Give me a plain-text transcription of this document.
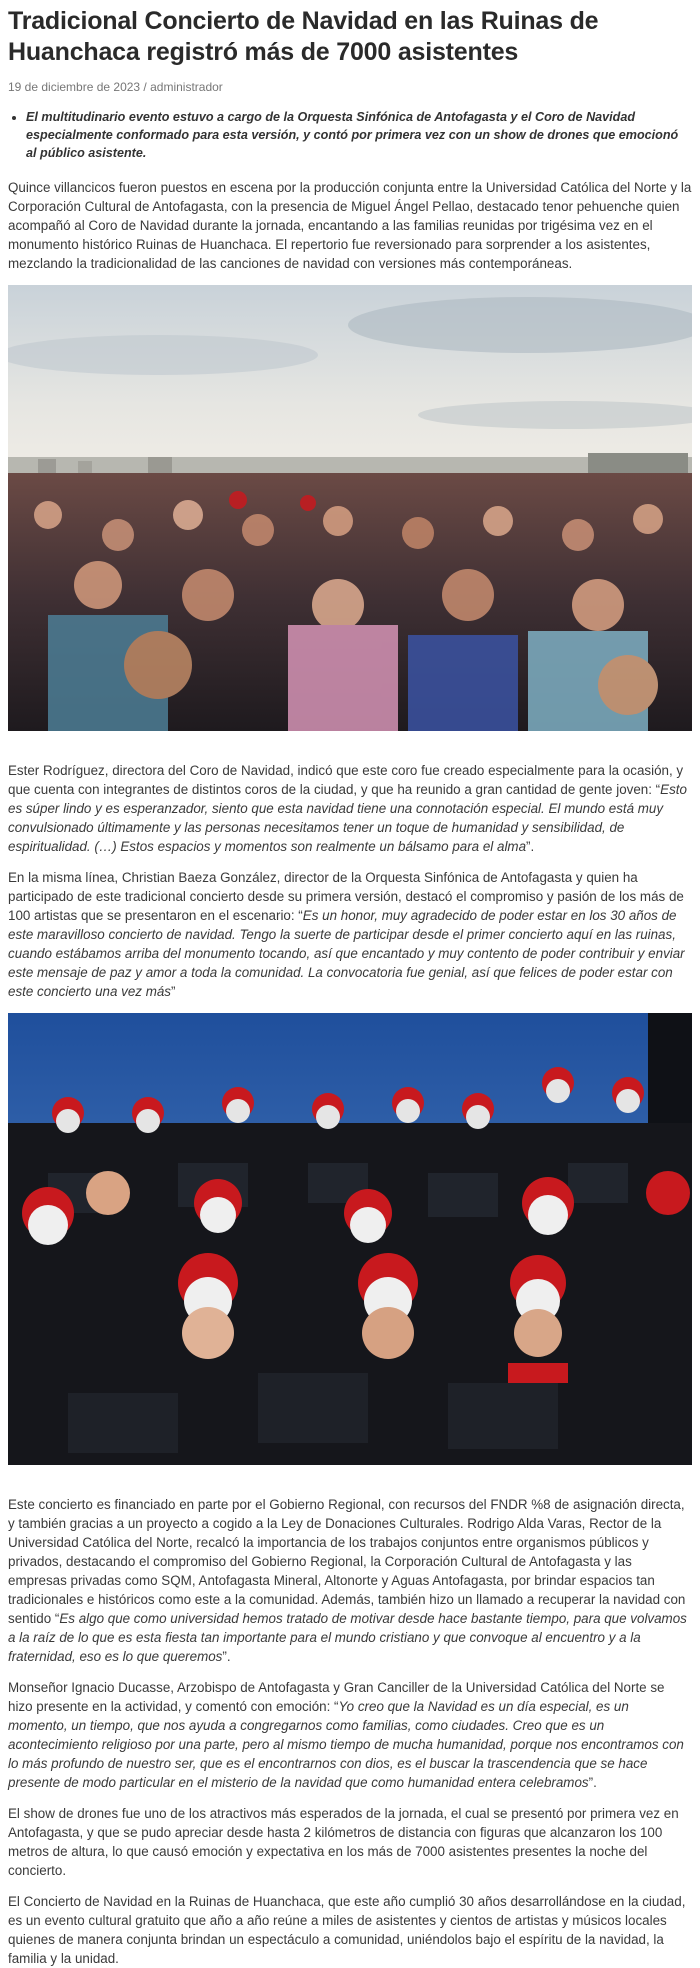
Tradicional Concierto de Navidad en las Ruinas de Huanchaca registró más de 7000 asistentes
19 de diciembre de 2023 / administrador
• El multitudinario evento estuvo a cargo de la Orquesta Sinfónica de Antofagasta y el Coro de Navidad especialmente conformado para esta versión, y contó por primera vez con un show de drones que emocionó al público asistente.

Quince villancicos fueron puestos en escena por la producción conjunta entre la Universidad Católica del Norte y la Corporación Cultural de Antofagasta, con la presencia de Miguel Ángel Pellao, destacado tenor pehuenche quien acompañó al Coro de Navidad durante la jornada, encantando a las familias reunidas por trigésima vez en el monumento histórico Ruinas de Huanchaca. El repertorio fue reversionado para sorprender a los asistentes, mezclando la tradicionalidad de las canciones de navidad con versiones más contemporáneas.

Ester Rodríguez, directora del Coro de Navidad, indicó que este coro fue creado especialmente para la ocasión, y que cuenta con integrantes de distintos coros de la ciudad, y que ha reunido a gran cantidad de gente joven: “Esto es súper lindo y es esperanzador, siento que esta navidad tiene una connotación especial. El mundo está muy convulsionado últimamente y las personas necesitamos tener un toque de humanidad y sensibilidad, de espiritualidad. (…) Estos espacios y momentos son realmente un bálsamo para el alma”.

En la misma línea, Christian Baeza González, director de la Orquesta Sinfónica de Antofagasta y quien ha participado de este tradicional concierto desde su primera versión, destacó el compromiso y pasión de los más de 100 artistas que se presentaron en el escenario: “Es un honor, muy agradecido de poder estar en los 30 años de este maravilloso concierto de navidad. Tengo la suerte de participar desde el primer concierto aquí en las ruinas, cuando estábamos arriba del monumento tocando, así que encantado y muy contento de poder contribuir y enviar este mensaje de paz y amor a toda la comunidad. La convocatoria fue genial, así que felices de poder estar con este concierto una vez más”

Este concierto es financiado en parte por el Gobierno Regional, con recursos del FNDR %8 de asignación directa, y también gracias a un proyecto a cogido a la Ley de Donaciones Culturales. Rodrigo Alda Varas, Rector de la Universidad Católica del Norte, recalcó la importancia de los trabajos conjuntos entre organismos públicos y privados, destacando el compromiso del Gobierno Regional, la Corporación Cultural de Antofagasta y las empresas privadas como SQM, Antofagasta Mineral, Altonorte y Aguas Antofagasta, por brindar espacios tan tradicionales e históricos como este a la comunidad. Además, también hizo un llamado a recuperar la navidad con sentido “Es algo que como universidad hemos tratado de motivar desde hace bastante tiempo, para que volvamos a la raíz de lo que es esta fiesta tan importante para el mundo cristiano y que convoque al encuentro y a la fraternidad, eso es lo que queremos”.

Monseñor Ignacio Ducasse, Arzobispo de Antofagasta y Gran Canciller de la Universidad Católica del Norte se hizo presente en la actividad, y comentó con emoción: “Yo creo que la Navidad es un día especial, es un momento, un tiempo, que nos ayuda a congregarnos como familias, como ciudades. Creo que es un acontecimiento religioso por una parte, pero al mismo tiempo de mucha humanidad, porque nos encontramos con lo más profundo de nuestro ser, que es el encontrarnos con dios, es el buscar la trascendencia que se hace presente de modo particular en el misterio de la navidad que como humanidad entera celebramos”.

El show de drones fue uno de los atractivos más esperados de la jornada, el cual se presentó por primera vez en Antofagasta, y que se pudo apreciar desde hasta 2 kilómetros de distancia con figuras que alcanzaron los 100 metros de altura, lo que causó emoción y expectativa en los más de 7000 asistentes presentes la noche del concierto.

El Concierto de Navidad en la Ruinas de Huanchaca, que este año cumplió 30 años desarrollándose en la ciudad, es un evento cultural gratuito que año a año reúne a miles de asistentes y cientos de artistas y músicos locales quienes de manera conjunta brindan un espectáculo a comunidad, uniéndolos bajo el espíritu de la navidad, la familia y la unidad.
